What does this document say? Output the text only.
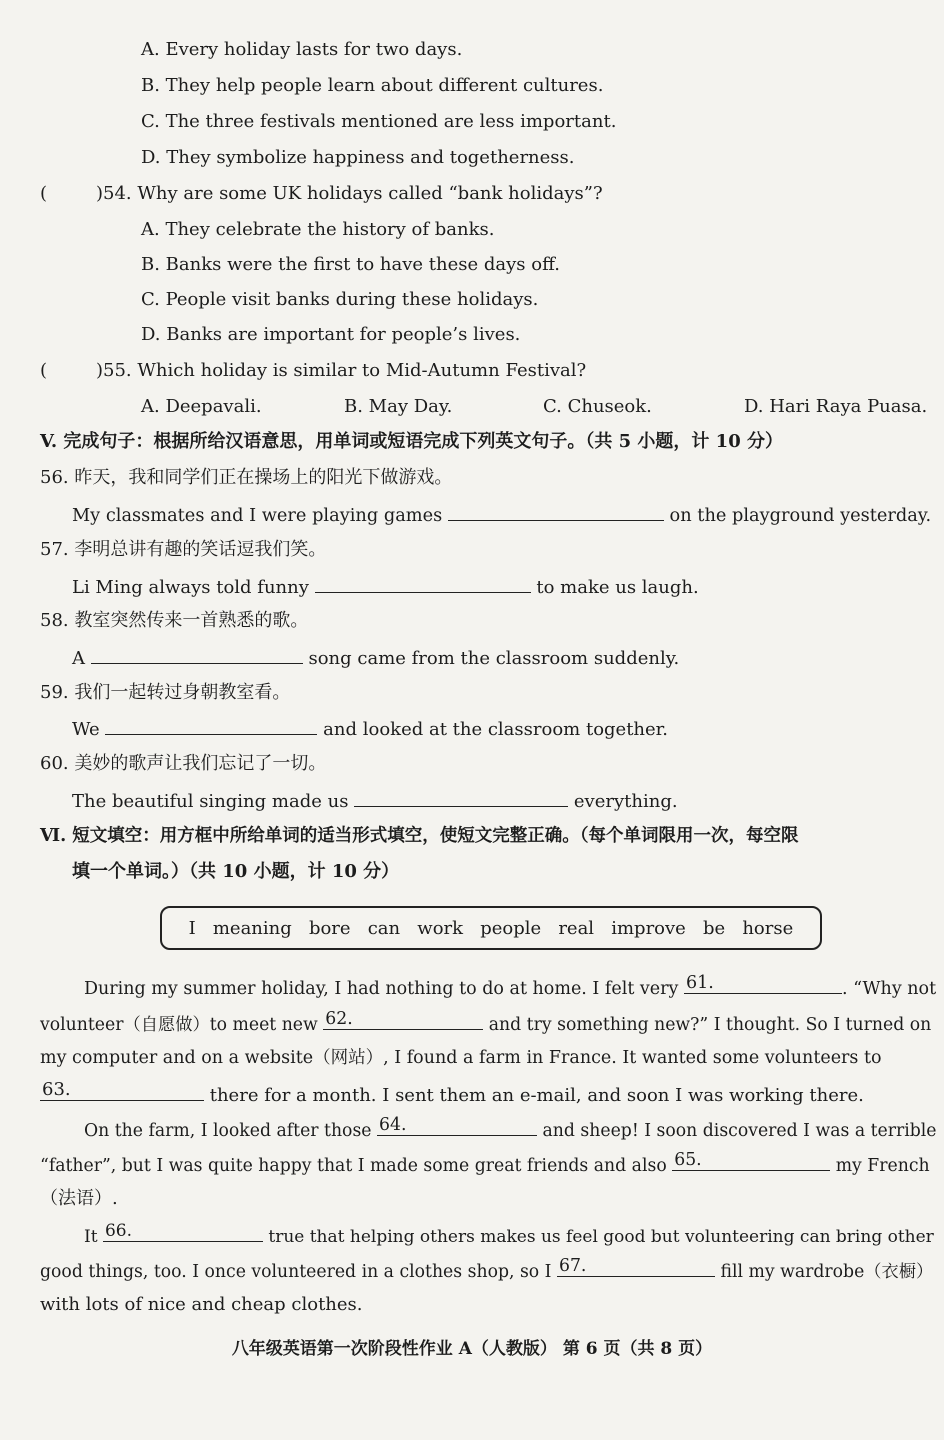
A. Every holiday lasts for two days.
B. They help people learn about different cultures.
C. The three festivals mentioned are less important.
D. They symbolize happiness and togetherness.
(	)54. Why are some UK holidays called “bank holidays”?
A. They celebrate the history of banks.
B. Banks were the first to have these days off.
C. People visit banks during these holidays.
D. Banks are important for people’s lives.
(	)55. Which holiday is similar to Mid-Autumn Festival?
A. Deepavali.	B. May Day.	C. Chuseok.	D. Hari Raya Puasa.
V. 完成句子：根据所给汉语意思，用单词或短语完成下列英文句子。（共 5 小题，计 10 分）
56. 昨天，我和同学们正在操场上的阳光下做游戏。
My classmates and I were playing games	on the playground yesterday.
57. 李明总讲有趣的笑话逗我们笑。
Li Ming always told funny	to make us laugh.
58. 教室突然传来一首熟悉的歌。
A	song came from the classroom suddenly.
59. 我们一起转过身朝教室看。
We	and looked at the classroom together.
60. 美妙的歌声让我们忘记了一切。
The beautiful singing made us	everything.
Ⅵ. 短文填空：用方框中所给单词的适当形式填空，使短文完整正确。（每个单词限用一次，每空限
填一个单词。）（共 10 小题，计 10 分）
I meaning bore can work people real improve be horse
During my summer holiday, I had nothing to do at home. I felt very 61.	. “Why not
volunteer（自愿做）to meet new 62.	and try something new?” I thought. So I turned on
my computer and on a website（网站）, I found a farm in France. It wanted some volunteers to
63.	there for a month. I sent them an e-mail, and soon I was working there.
On the farm, I looked after those 64.	and sheep! I soon discovered I was a terrible
“father”, but I was quite happy that I made some great friends and also 65.	my French
（法语）.
It 66.	true that helping others makes us feel good but volunteering can bring other
good things, too. I once volunteered in a clothes shop, so I 67.	fill my wardrobe（衣橱）
with lots of nice and cheap clothes.
八年级英语第一次阶段性作业 A（人教版） 第 6 页（共 8 页）
